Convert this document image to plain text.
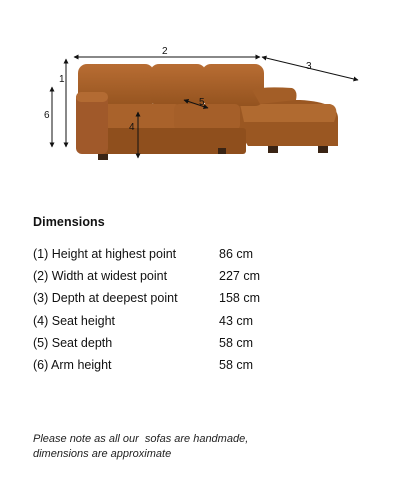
2
3
1
6
4
5
Dimensions
(1) Height at highest point	86 cm
(2) Width at widest point	227 cm
(3) Depth at deepest point	158 cm
(4) Seat height	43 cm
(5) Seat depth	58 cm
(6) Arm height	58 cm
Please note as all our  sofas are handmade,
dimensions are approximate
